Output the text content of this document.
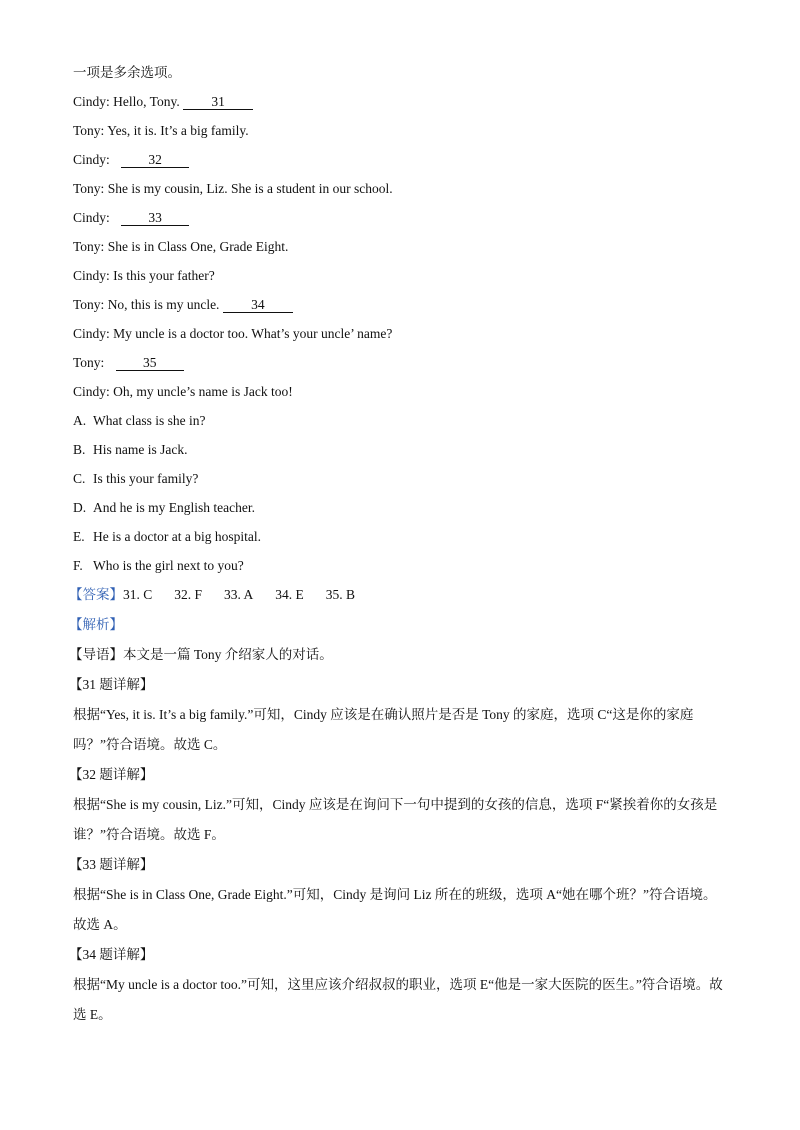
一项是多余选项。
Cindy: Hello, Tony. 31
Tony: Yes, it is. It’s a big family.
Cindy:	32
Tony: She is my cousin, Liz. She is a student in our school.
Cindy:	33
Tony: She is in Class One, Grade Eight.
Cindy: Is this your father?
Tony: No, this is my uncle. 34
Cindy: My uncle is a doctor too. What’s your uncle’ name?
Tony:	35
Cindy: Oh, my uncle’s name is Jack too!
A. What class is she in?
B. His name is Jack.
C. Is this your family?
D. And he is my English teacher.
E. He is a doctor at a big hospital.
F. Who is the girl next to you?
【答案】31. C 32. F 33. A 34. E 35. B
【解析】
【导语】本文是一篇 Tony 介绍家人的对话。
【31 题详解】
根据“Yes, it is. It’s a big family.”可知，Cindy 应该是在确认照片是否是 Tony 的家庭，选项 C“这是你的家庭吗？”符合语境。故选 C。
【32 题详解】
根据“She is my cousin, Liz.”可知，Cindy 应该是在询问下一句中提到的女孩的信息，选项 F“紧挨着你的女孩是谁？”符合语境。故选 F。
【33 题详解】
根据“She is in Class One, Grade Eight.”可知，Cindy 是询问 Liz 所在的班级，选项 A“她在哪个班？”符合语境。故选 A。
【34 题详解】
根据“My uncle is a doctor too.”可知，这里应该介绍叔叔的职业，选项 E“他是一家大医院的医生。”符合语境。故选 E。
